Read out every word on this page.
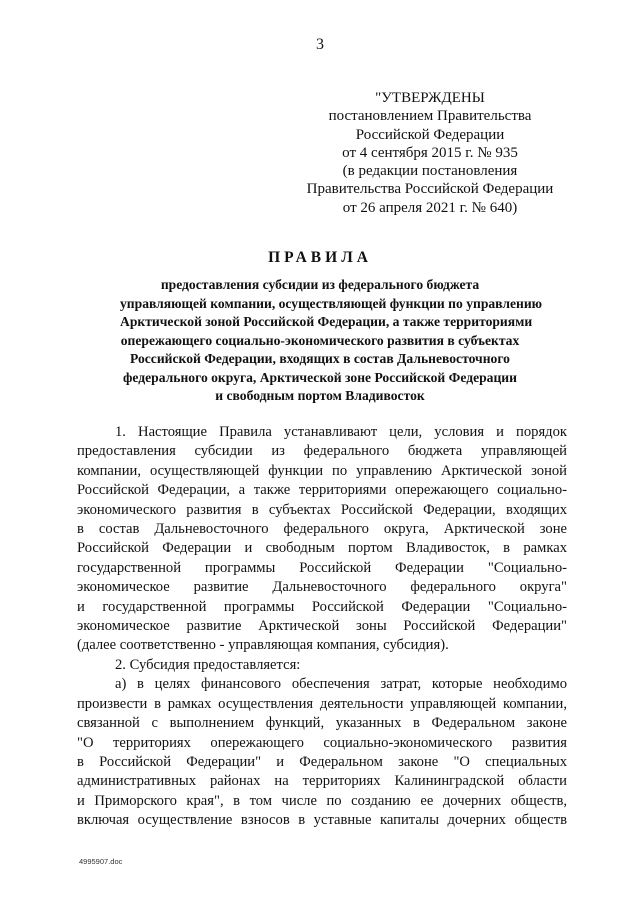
3
"УТВЕРЖДЕНЫ
постановлением Правительства
Российской Федерации
от 4 сентября 2015 г. № 935
(в редакции постановления
Правительства Российской Федерации
от 26 апреля 2021 г. № 640)
ПРАВИЛА
предоставления субсидии из федерального бюджета
управляющей компании, осуществляющей функции по управлению
Арктической зоной Российской Федерации, а также территориями
опережающего социально-экономического развития в субъектах
Российской Федерации, входящих в состав Дальневосточного
федерального округа, Арктической зоне Российской Федерации
и свободным портом Владивосток
1. Настоящие Правила устанавливают цели, условия и порядок
предоставления субсидии из федерального бюджета управляющей
компании, осуществляющей функции по управлению Арктической зоной
Российской Федерации, а также территориями опережающего социально-
экономического развития в субъектах Российской Федерации, входящих
в состав Дальневосточного федерального округа, Арктической зоне
Российской Федерации и свободным портом Владивосток, в рамках
государственной программы Российской Федерации "Социально-
экономическое развитие Дальневосточного федерального округа"
и государственной программы Российской Федерации "Социально-
экономическое развитие Арктической зоны Российской Федерации"
(далее соответственно - управляющая компания, субсидия).
2. Субсидия предоставляется:
а) в целях финансового обеспечения затрат, которые необходимо
произвести в рамках осуществления деятельности управляющей компании,
связанной с выполнением функций, указанных в Федеральном законе
"О территориях опережающего социально-экономического развития
в Российской Федерации" и Федеральном законе "О специальных
административных районах на территориях Калининградской области
и Приморского края", в том числе по созданию ее дочерних обществ,
включая осуществление взносов в уставные капиталы дочерних обществ
4995907.doc
